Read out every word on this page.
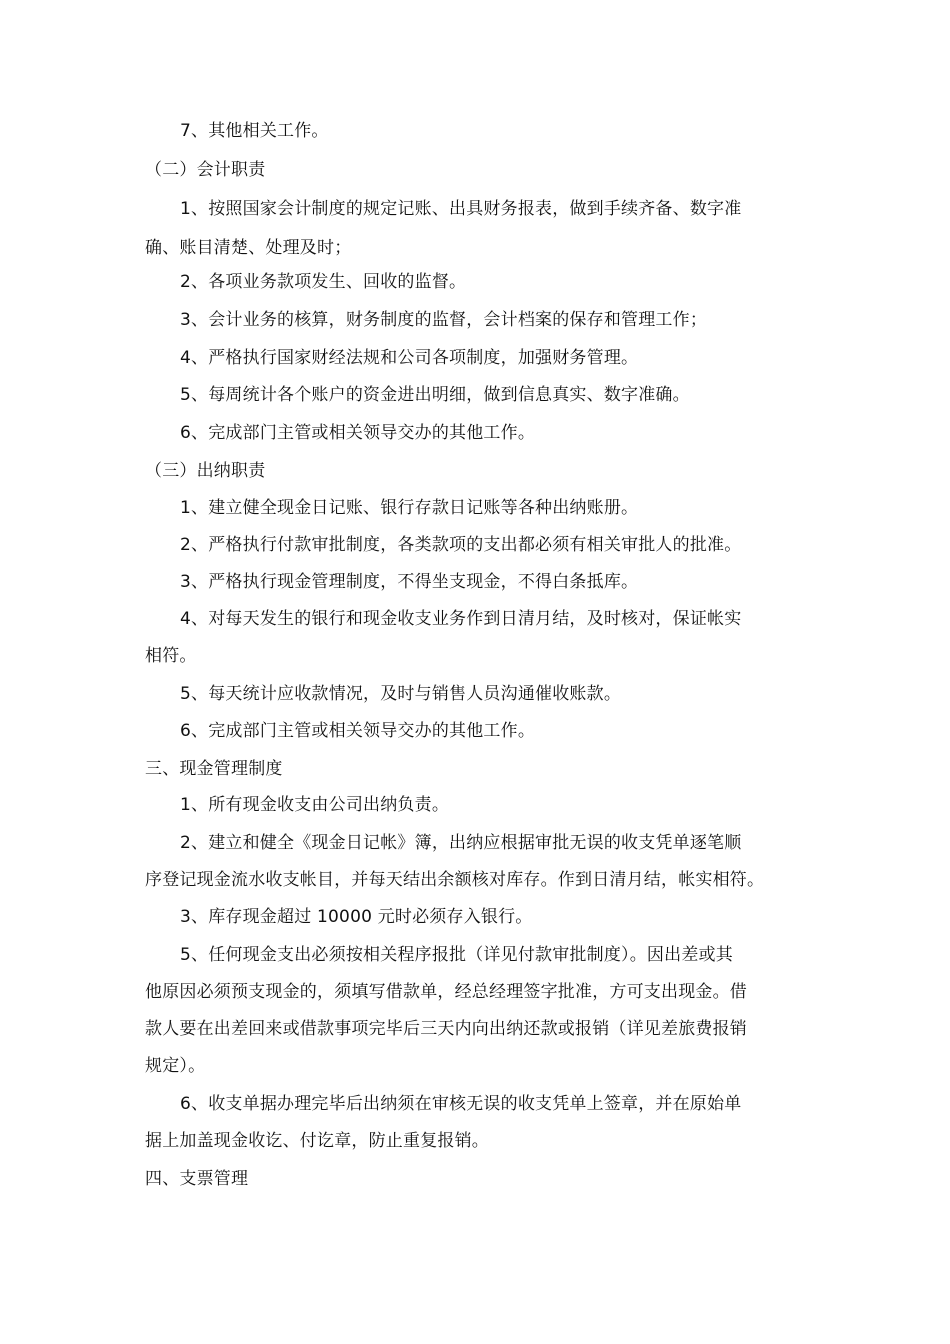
7、其他相关工作。
（二）会计职责
1、按照国家会计制度的规定记账、出具财务报表，做到手续齐备、数字准
确、账目清楚、处理及时；
2、各项业务款项发生、回收的监督。
3、会计业务的核算，财务制度的监督，会计档案的保存和管理工作；
4、严格执行国家财经法规和公司各项制度，加强财务管理。
5、每周统计各个账户的资金进出明细，做到信息真实、数字准确。
6、完成部门主管或相关领导交办的其他工作。
（三）出纳职责
1、建立健全现金日记账、银行存款日记账等各种出纳账册。
2、严格执行付款审批制度，各类款项的支出都必须有相关审批人的批准。
3、严格执行现金管理制度，不得坐支现金，不得白条抵库。
4、对每天发生的银行和现金收支业务作到日清月结，及时核对，保证帐实
相符。
5、每天统计应收款情况，及时与销售人员沟通催收账款。
6、完成部门主管或相关领导交办的其他工作。
三、现金管理制度
1、所有现金收支由公司出纳负责。
2、建立和健全《现金日记帐》簿，出纳应根据审批无误的收支凭单逐笔顺
序登记现金流水收支帐目，并每天结出余额核对库存。作到日清月结，帐实相符。
3、库存现金超过 10000 元时必须存入银行。
5、任何现金支出必须按相关程序报批（详见付款审批制度）。因出差或其
他原因必须预支现金的，须填写借款单，经总经理签字批准，方可支出现金。借
款人要在出差回来或借款事项完毕后三天内向出纳还款或报销（详见差旅费报销
规定）。
6、收支单据办理完毕后出纳须在审核无误的收支凭单上签章，并在原始单
据上加盖现金收讫、付讫章，防止重复报销。
四、支票管理
